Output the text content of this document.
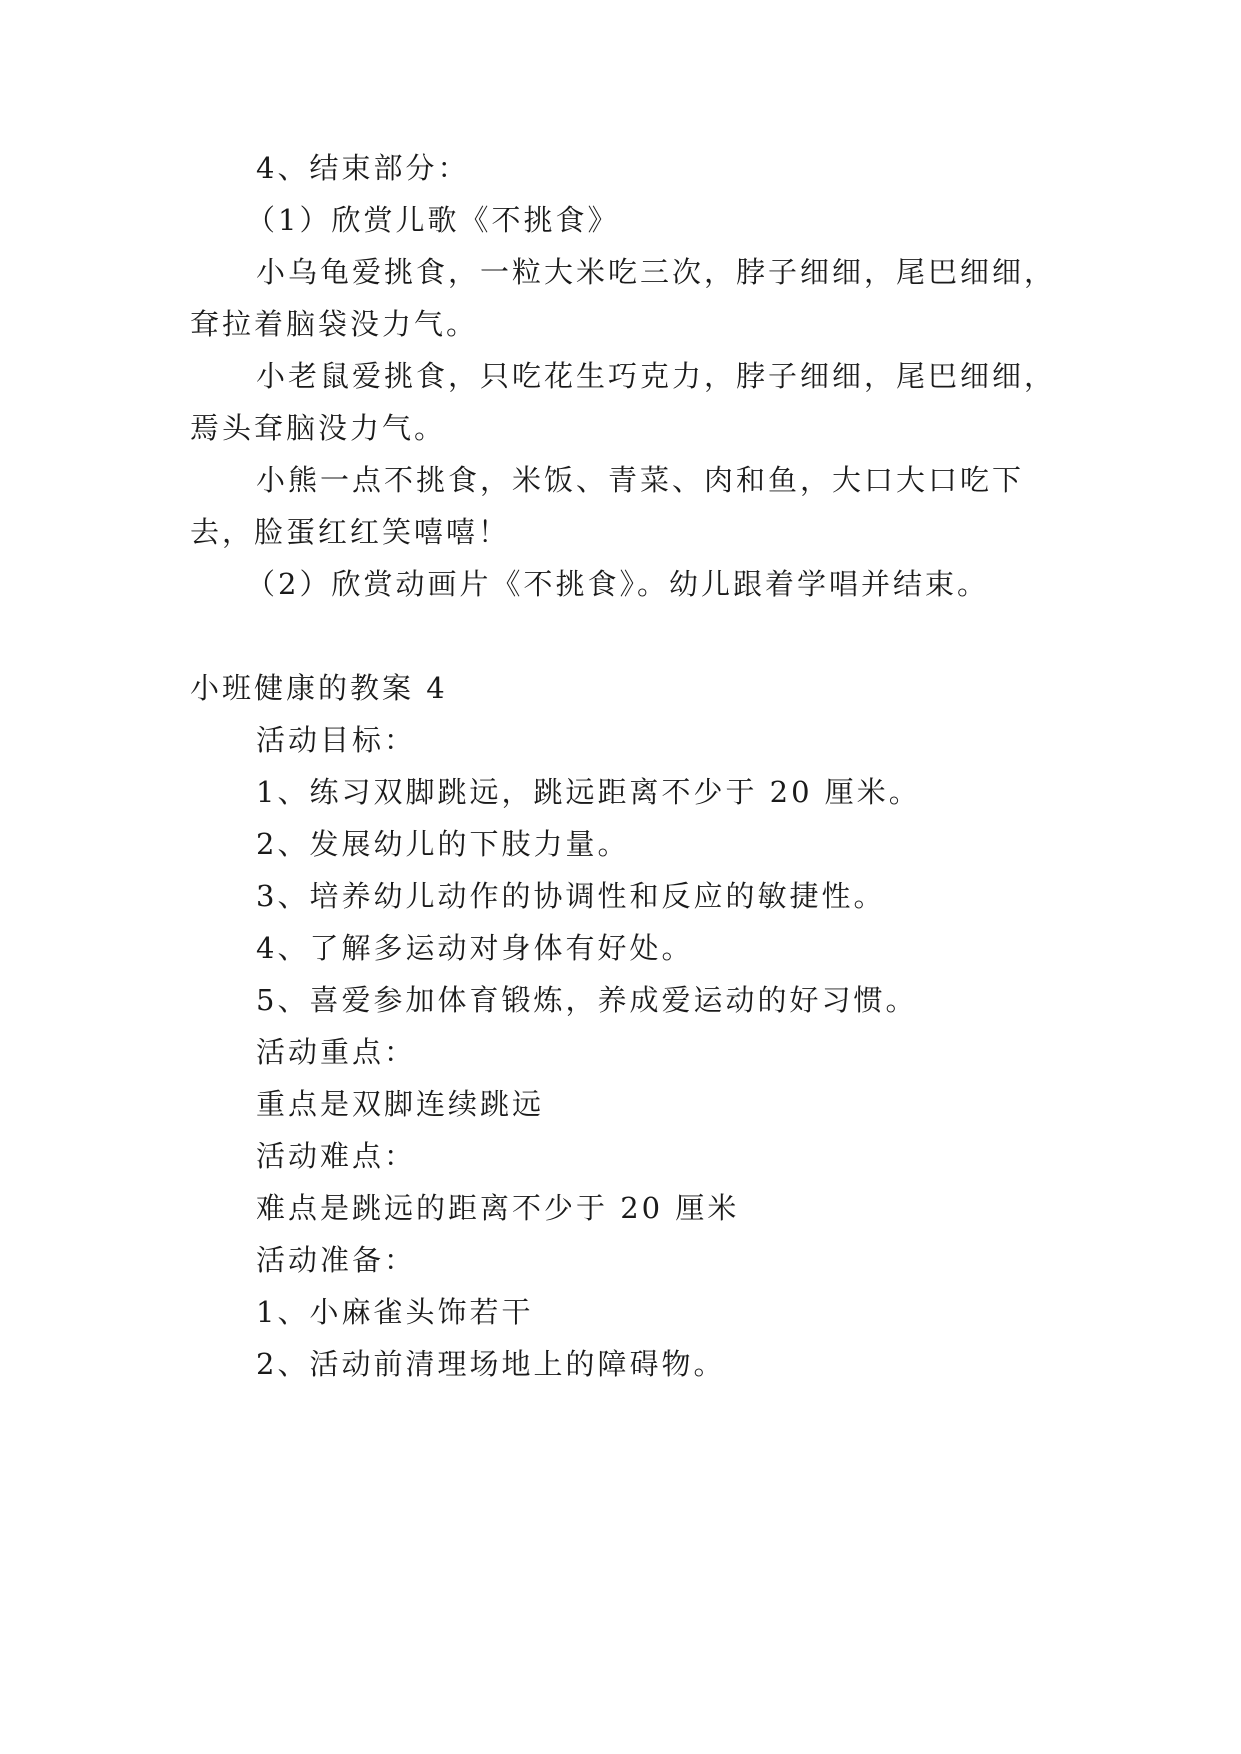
4、结束部分：
（1）欣赏儿歌《不挑食》
小乌龟爱挑食，一粒大米吃三次，脖子细细，尾巴细细，
耷拉着脑袋没力气。
小老鼠爱挑食，只吃花生巧克力，脖子细细，尾巴细细，
焉头耷脑没力气。
小熊一点不挑食，米饭、青菜、肉和鱼，大口大口吃下
去，脸蛋红红笑嘻嘻！
（2）欣赏动画片《不挑食》。幼儿跟着学唱并结束。
小班健康的教案 4
活动目标：
1、练习双脚跳远，跳远距离不少于 20 厘米。
2、发展幼儿的下肢力量。
3、培养幼儿动作的协调性和反应的敏捷性。
4、了解多运动对身体有好处。
5、喜爱参加体育锻炼，养成爱运动的好习惯。
活动重点：
重点是双脚连续跳远
活动难点：
难点是跳远的距离不少于 20 厘米
活动准备：
1、小麻雀头饰若干
2、活动前清理场地上的障碍物。
